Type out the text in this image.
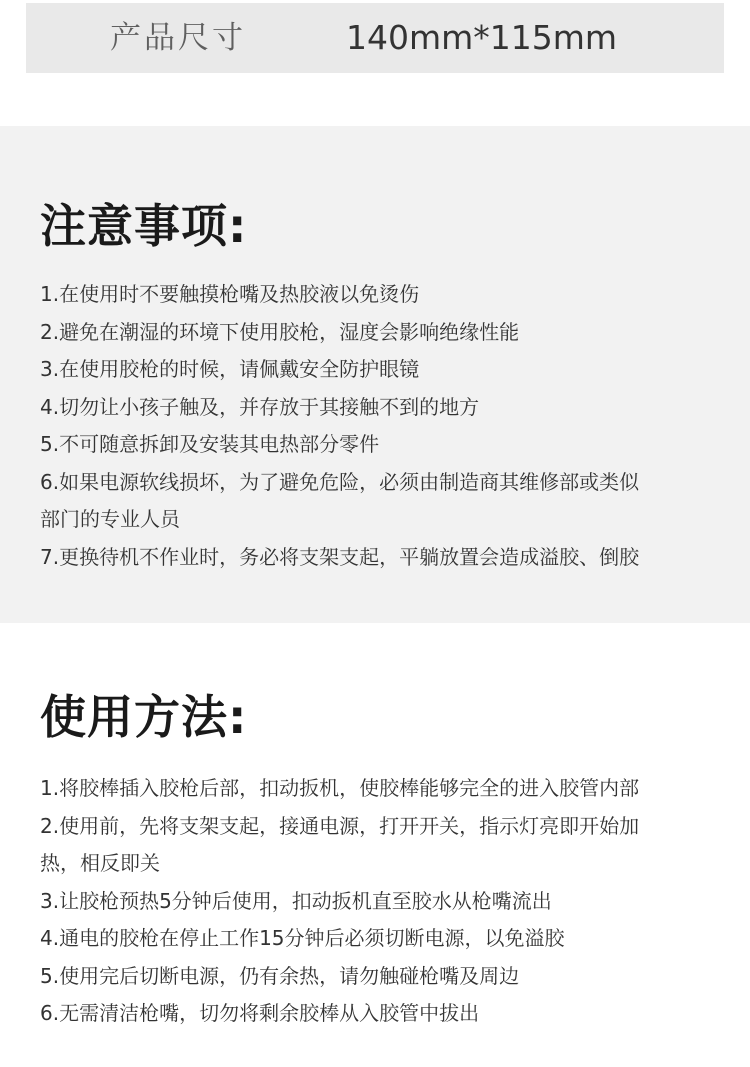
产品尺寸	140mm*115mm
注意事项:
1.在使用时不要触摸枪嘴及热胶液以免烫伤
2.避免在潮湿的环境下使用胶枪，湿度会影响绝缘性能
3.在使用胶枪的时候，请佩戴安全防护眼镜
4.切勿让小孩子触及，并存放于其接触不到的地方
5.不可随意拆卸及安装其电热部分零件
6.如果电源软线损坏，为了避免危险，必须由制造商其维修部或类似
部门的专业人员
7.更换待机不作业时，务必将支架支起，平躺放置会造成溢胶、倒胶
使用方法:
1.将胶棒插入胶枪后部，扣动扳机，使胶棒能够完全的进入胶管内部
2.使用前，先将支架支起，接通电源，打开开关，指示灯亮即开始加
热，相反即关
3.让胶枪预热5分钟后使用，扣动扳机直至胶水从枪嘴流出
4.通电的胶枪在停止工作15分钟后必须切断电源，以免溢胶
5.使用完后切断电源，仍有余热，请勿触碰枪嘴及周边
6.无需清洁枪嘴，切勿将剩余胶棒从入胶管中拔出
